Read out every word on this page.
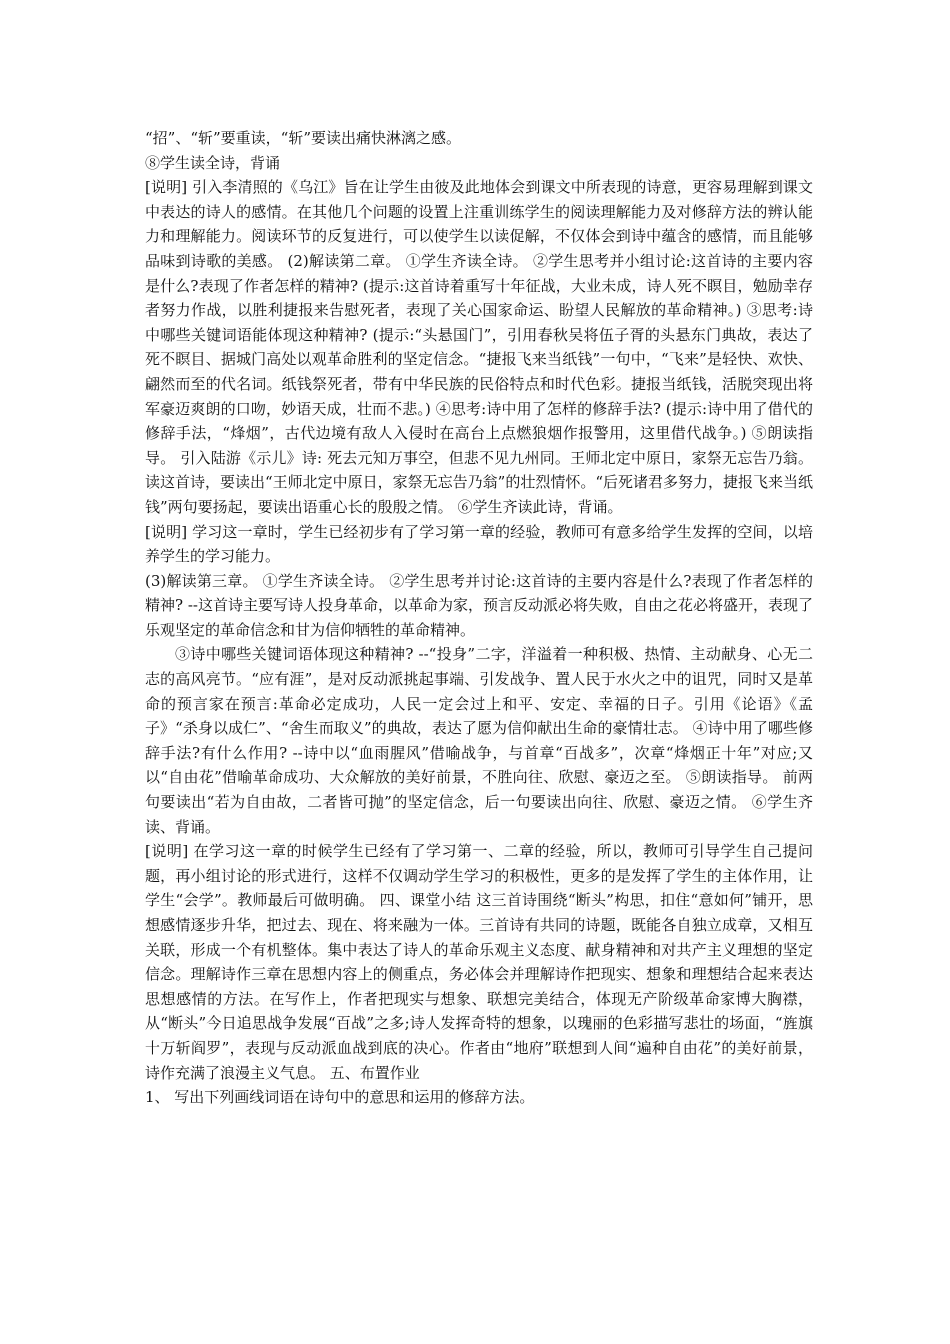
“招”、“斩”要重读，“斩”要读出痛快淋漓之感。

⑧学生读全诗，背诵

[说明] 引入李清照的《乌江》旨在让学生由彼及此地体会到课文中所表现的诗意，更容易理解到课文中表达的诗人的感情。在其他几个问题的设置上注重训练学生的阅读理解能力及对修辞方法的辨认能力和理解能力。阅读环节的反复进行，可以使学生以读促解，不仅体会到诗中蕴含的感情，而且能够品味到诗歌的美感。 (2)解读第二章。 ①学生齐读全诗。 ②学生思考并小组讨论:这首诗的主要内容是什么?表现了作者怎样的精神? (提示:这首诗着重写十年征战，大业未成，诗人死不瞑目，勉励幸存者努力作战，以胜利捷报来告慰死者，表现了关心国家命运、盼望人民解放的革命精神。) ③思考:诗中哪些关键词语能体现这种精神? (提示:“头悬国门”，引用春秋吴将伍子胥的头悬东门典故，表达了死不瞑目、据城门高处以观革命胜利的坚定信念。“捷报飞来当纸钱”一句中，“飞来”是轻快、欢快、翩然而至的代名词。纸钱祭死者，带有中华民族的民俗特点和时代色彩。捷报当纸钱，活脱突现出将军豪迈爽朗的口吻，妙语天成，壮而不悲。) ④思考:诗中用了怎样的修辞手法? (提示:诗中用了借代的修辞手法，“烽烟”，古代边境有敌人入侵时在高台上点燃狼烟作报警用，这里借代战争。) ⑤朗读指导。 引入陆游《示儿》诗: 死去元知万事空，但悲不见九州同。王师北定中原日，家祭无忘告乃翁。 读这首诗，要读出“王师北定中原日，家祭无忘告乃翁”的壮烈情怀。“后死诸君多努力，捷报飞来当纸钱”两句要扬起，要读出语重心长的殷殷之情。 ⑥学生齐读此诗，背诵。

[说明] 学习这一章时，学生已经初步有了学习第一章的经验，教师可有意多给学生发挥的空间，以培养学生的学习能力。

(3)解读第三章。 ①学生齐读全诗。 ②学生思考并讨论:这首诗的主要内容是什么?表现了作者怎样的精神? --这首诗主要写诗人投身革命，以革命为家，预言反动派必将失败，自由之花必将盛开，表现了乐观坚定的革命信念和甘为信仰牺牲的革命精神。

③诗中哪些关键词语体现这种精神? --“投身”二字，洋溢着一种积极、热情、主动献身、心无二志的高风亮节。“应有涯”，是对反动派挑起事端、引发战争、置人民于水火之中的诅咒，同时又是革命的预言家在预言:革命必定成功，人民一定会过上和平、安定、幸福的日子。引用《论语》《孟子》“杀身以成仁”、“舍生而取义”的典故，表达了愿为信仰献出生命的豪情壮志。 ④诗中用了哪些修辞手法?有什么作用? --诗中以“血雨腥风”借喻战争，与首章“百战多”，次章“烽烟正十年”对应;又以“自由花”借喻革命成功、大众解放的美好前景，不胜向往、欣慰、豪迈之至。 ⑤朗读指导。 前两句要读出“若为自由故，二者皆可抛”的坚定信念，后一句要读出向往、欣慰、豪迈之情。 ⑥学生齐读、背诵。

[说明] 在学习这一章的时候学生已经有了学习第一、二章的经验，所以，教师可引导学生自己提问题，再小组讨论的形式进行，这样不仅调动学生学习的积极性，更多的是发挥了学生的主体作用，让学生“会学”。教师最后可做明确。 四、课堂小结 这三首诗围绕“断头”构思，扣住“意如何”铺开，思想感情逐步升华，把过去、现在、将来融为一体。三首诗有共同的诗题，既能各自独立成章，又相互关联，形成一个有机整体。集中表达了诗人的革命乐观主义态度、献身精神和对共产主义理想的坚定信念。理解诗作三章在思想内容上的侧重点，务必体会并理解诗作把现实、想象和理想结合起来表达思想感情的方法。在写作上，作者把现实与想象、联想完美结合，体现无产阶级革命家博大胸襟，从“断头”今日追思战争发展“百战”之多;诗人发挥奇特的想象，以瑰丽的色彩描写悲壮的场面，“旌旗十万斩阎罗”，表现与反动派血战到底的决心。作者由“地府”联想到人间“遍种自由花”的美好前景，诗作充满了浪漫主义气息。 五、布置作业

1、 写出下列画线词语在诗句中的意思和运用的修辞方法。
